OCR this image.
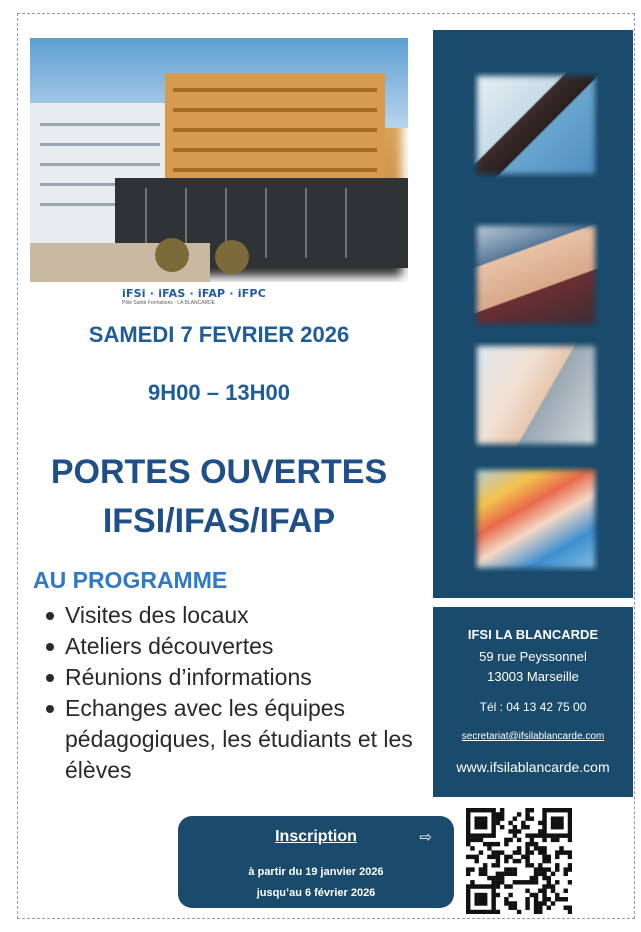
iFSi · iFAS · iFAP · iFPC
Pôle Santé Formations · LA BLANCARDE
SAMEDI 7 FEVRIER 2026
9H00 – 13H00
PORTES OUVERTES
IFSI/IFAS/IFAP
AU PROGRAMME
Visites des locaux
Ateliers découvertes
Réunions d’informations
Echanges avec les équipes pédagogiques, les étudiants et les élèves
IFSI LA BLANCARDE
59 rue Peyssonnel
13003 Marseille
Tél : 04 13 42 75 00
secretariat@ifsilablancarde.com
www.ifsilablancarde.com
Inscription	⇨
à partir du 19 janvier 2026
jusqu’au 6 février 2026
